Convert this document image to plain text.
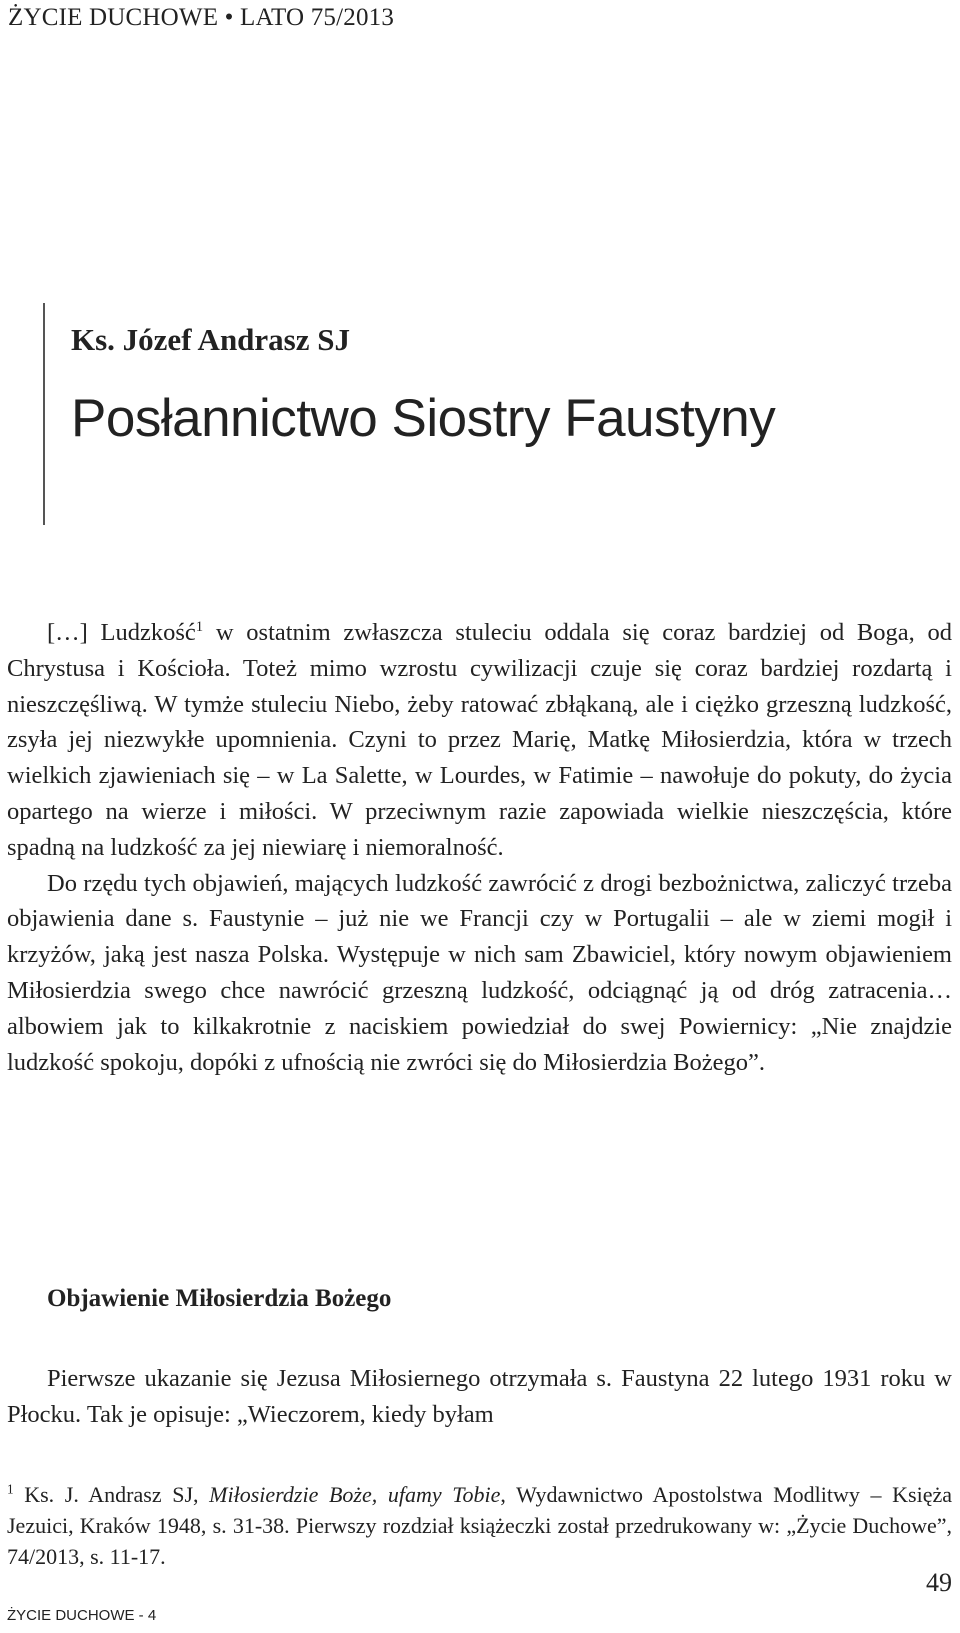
ŻYCIE DUCHOWE • LATO 75/2013
Ks. Józef Andrasz SJ
Posłannictwo Siostry Faustyny

[…] Ludzkość$^1$ w ostatnim zwłaszcza stuleciu oddala się coraz bardziej od Boga, od Chrystusa i Kościoła. Toteż mimo wzrostu cywilizacji czuje się coraz bardziej rozdartą i nieszczęśliwą. W tymże stuleciu Niebo, żeby ratować zbłąkaną, ale i ciężko grzeszną ludzkość, zsyła jej niezwykłe upomnienia. Czyni to przez Marię, Matkę Miłosierdzia, która w trzech wielkich zjawieniach się – w La Salette, w Lourdes, w Fatimie – nawołuje do pokuty, do życia opartego na wierze i miłości. W przeciwnym razie zapowiada wielkie nieszczęścia, które spadną na ludzkość za jej niewiarę i niemoralność.

Do rzędu tych objawień, mających ludzkość zawrócić z drogi bezbożnictwa, zaliczyć trzeba objawienia dane s. Faustynie – już nie we Francji czy w Portugalii – ale w ziemi mogił i krzyżów, jaką jest nasza Polska. Występuje w nich sam Zbawiciel, który nowym objawieniem Miłosierdzia swego chce nawrócić grzeszną ludzkość, odciągnąć ją od dróg zatracenia… albowiem jak to kilkakrotnie z naciskiem powiedział do swej Powiernicy: „Nie znajdzie ludzkość spokoju, dopóki z ufnością nie zwróci się do Miłosierdzia Bożego”.

Objawienie Miłosierdzia Bożego

Pierwsze ukazanie się Jezusa Miłosiernego otrzymała s. Faustyna 22 lutego 1931 roku w Płocku. Tak je opisuje: „Wieczorem, kiedy byłam

$^1$ Ks. J. Andrasz SJ, Miłosierdzie Boże, ufamy Tobie, Wydawnictwo Apostolstwa Modlitwy – Księża Jezuici, Kraków 1948, s. 31-38. Pierwszy rozdział książeczki został przedrukowany w: „Życie Duchowe”, 74/2013, s. 11-17.
49
ŻYCIE DUCHOWE - 4
